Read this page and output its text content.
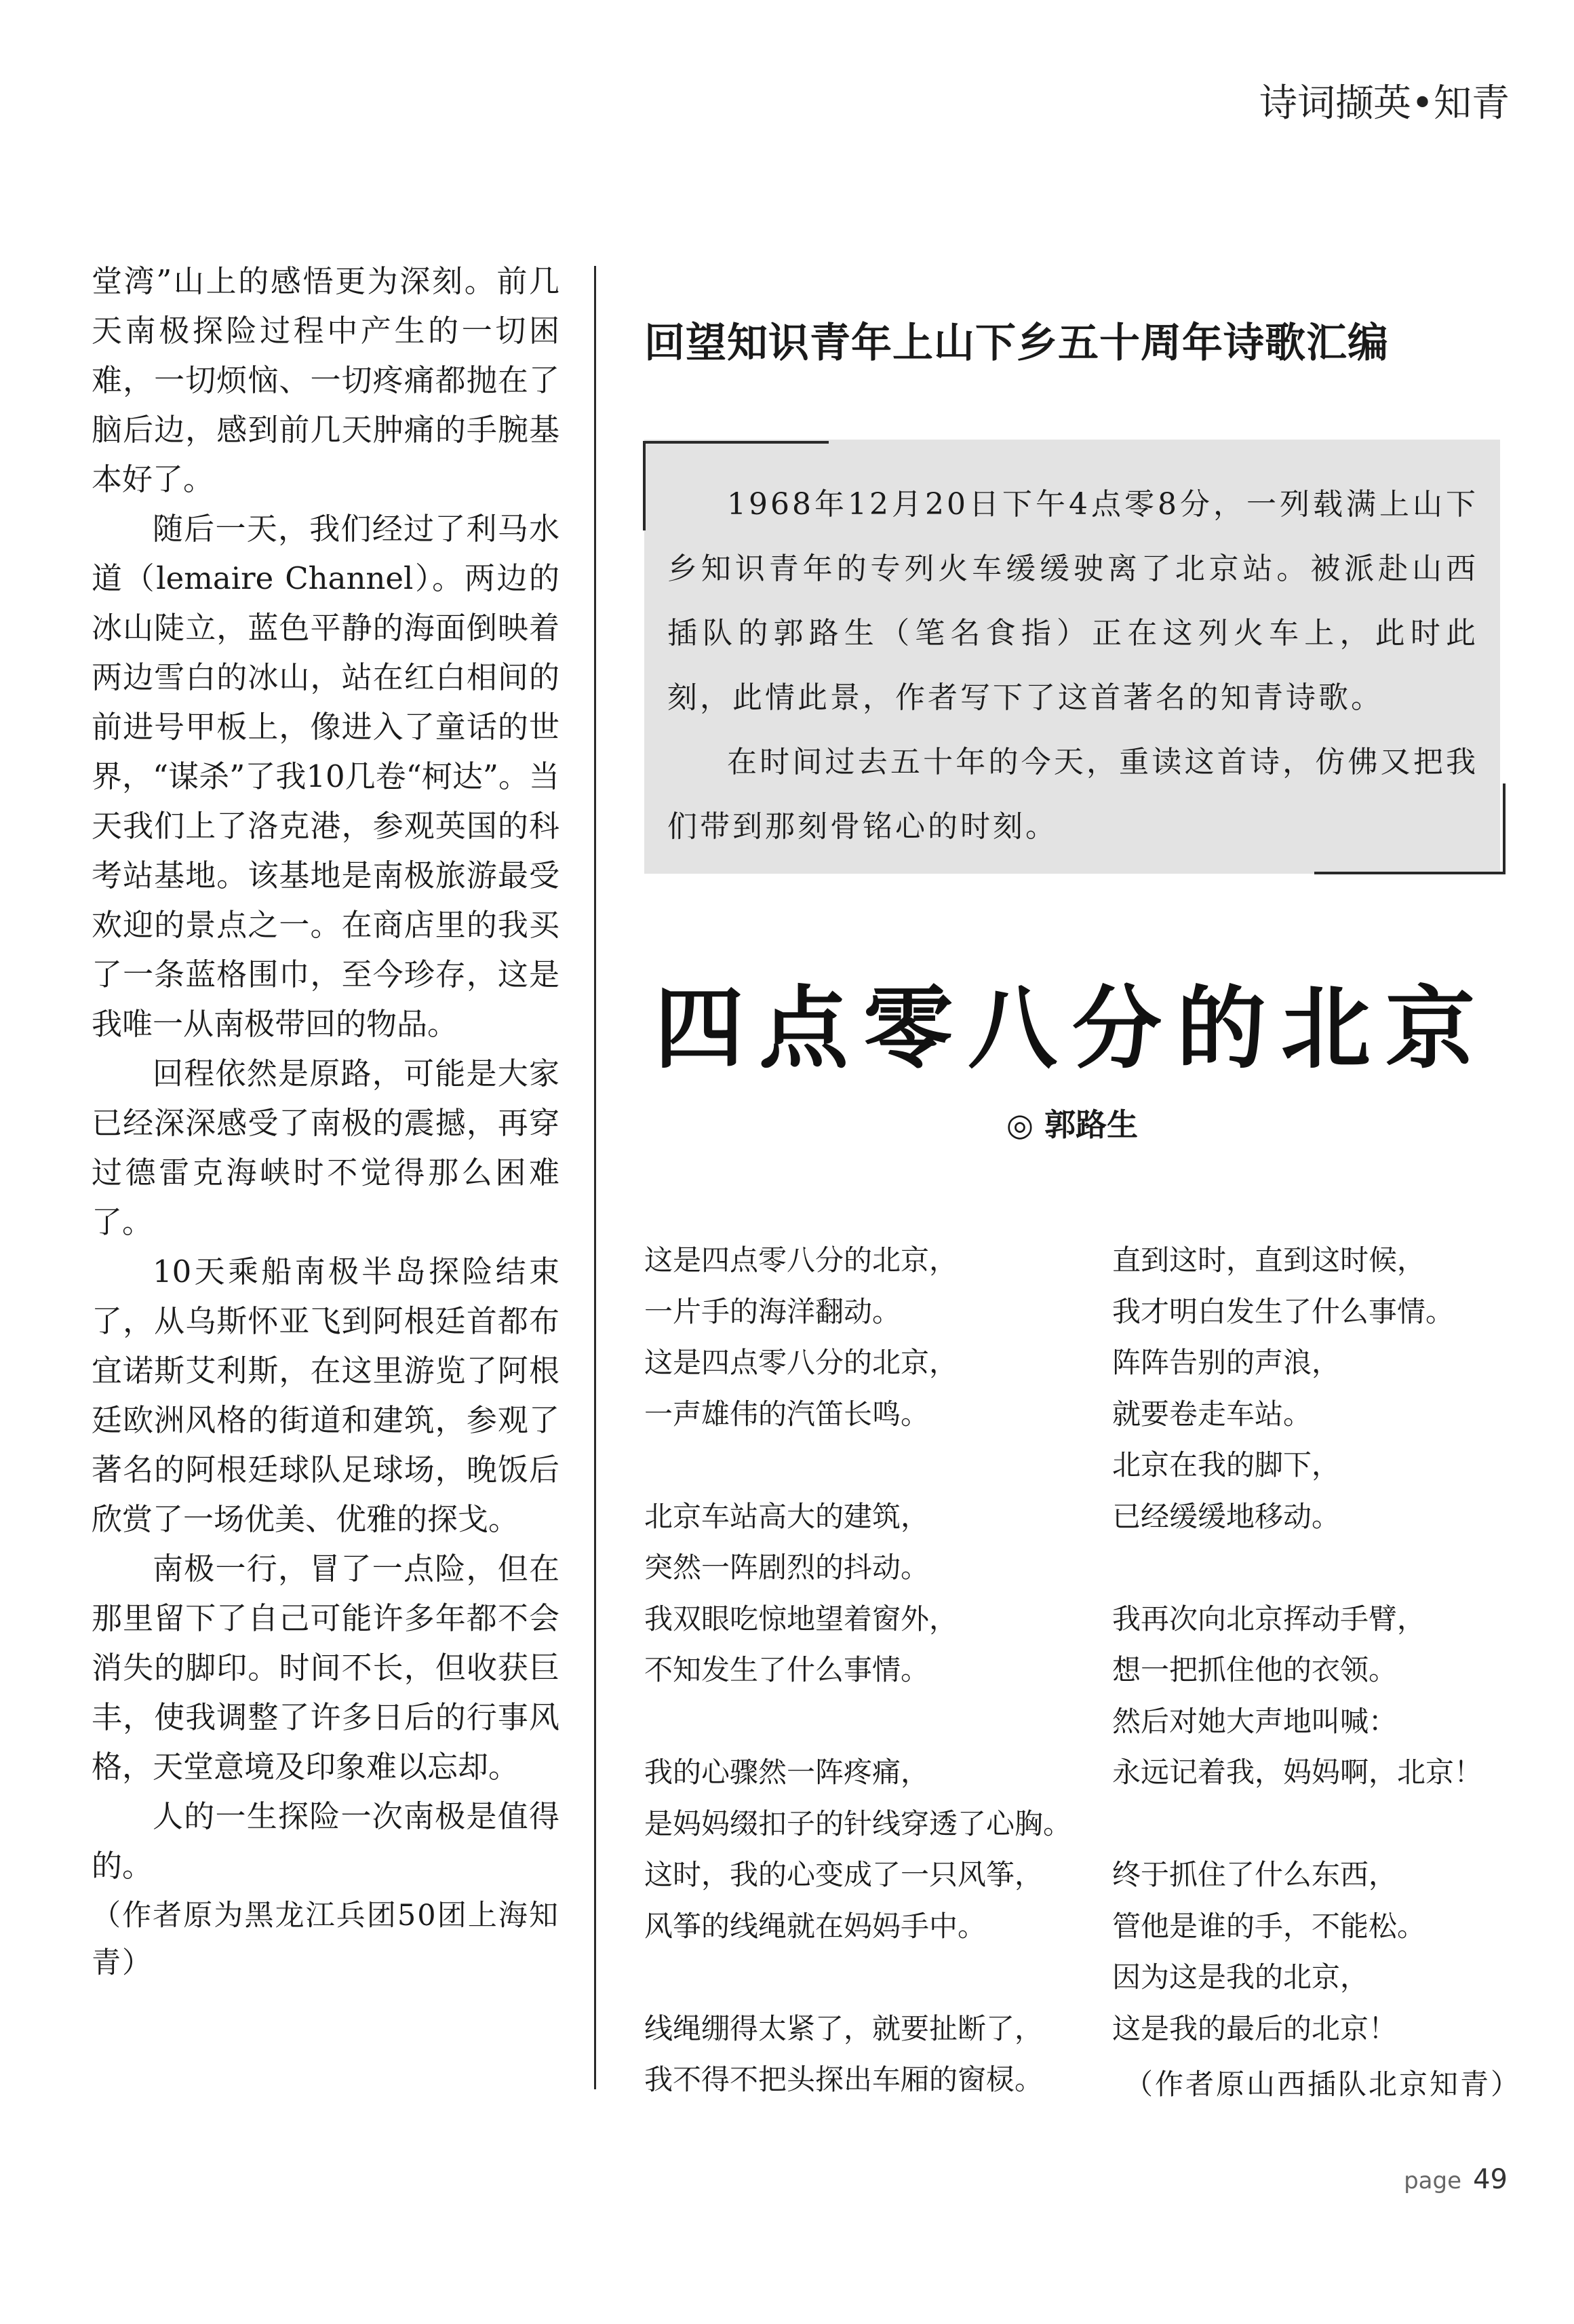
诗词撷英•知青

堂湾”山上的感悟更为深刻。前几天南极探险过程中产生的一切困难，一切烦恼、一切疼痛都抛在了脑后边，感到前几天肿痛的手腕基本好了。

随后一天，我们经过了利马水道（lemaire Channel）。两边的冰山陡立，蓝色平静的海面倒映着两边雪白的冰山，站在红白相间的前进号甲板上，像进入了童话的世界，“谋杀”了我10几卷“柯达”。当天我们上了洛克港，参观英国的科考站基地。该基地是南极旅游最受欢迎的景点之一。在商店里的我买了一条蓝格围巾，至今珍存，这是我唯一从南极带回的物品。

回程依然是原路，可能是大家已经深深感受了南极的震撼，再穿过德雷克海峡时不觉得那么困难了。

10天乘船南极半岛探险结束了，从乌斯怀亚飞到阿根廷首都布宜诺斯艾利斯，在这里游览了阿根廷欧洲风格的街道和建筑，参观了著名的阿根廷球队足球场，晚饭后欣赏了一场优美、优雅的探戈。

南极一行，冒了一点险，但在那里留下了自己可能许多年都不会消失的脚印。时间不长，但收获巨丰，使我调整了许多日后的行事风格，天堂意境及印象难以忘却。

人的一生探险一次南极是值得的。

（作者原为黑龙江兵团50团上海知青）

回望知识青年上山下乡五十周年诗歌汇编

1968年12月20日下午4点零8分，一列载满上山下乡知识青年的专列火车缓缓驶离了北京站。被派赴山西插队的郭路生（笔名食指）正在这列火车上，此时此刻，此情此景，作者写下了这首著名的知青诗歌。

在时间过去五十年的今天，重读这首诗，仿佛又把我们带到那刻骨铭心的时刻。

四点零八分的北京
◎ 郭路生
这是四点零八分的北京，
一片手的海洋翻动。
这是四点零八分的北京，
一声雄伟的汽笛长鸣。
北京车站高大的建筑，
突然一阵剧烈的抖动。
我双眼吃惊地望着窗外，
不知发生了什么事情。
我的心骤然一阵疼痛，
是妈妈缀扣子的针线穿透了心胸。
这时，我的心变成了一只风筝，
风筝的线绳就在妈妈手中。
线绳绷得太紧了，就要扯断了，
我不得不把头探出车厢的窗棂。
直到这时，直到这时候，
我才明白发生了什么事情。
阵阵告别的声浪，
就要卷走车站。
北京在我的脚下，
已经缓缓地移动。
我再次向北京挥动手臂，
想一把抓住他的衣领。
然后对她大声地叫喊：
永远记着我，妈妈啊，北京！
终于抓住了什么东西，
管他是谁的手，不能松。
因为这是我的北京，
这是我的最后的北京！
（作者原山西插队北京知青）
page 49
